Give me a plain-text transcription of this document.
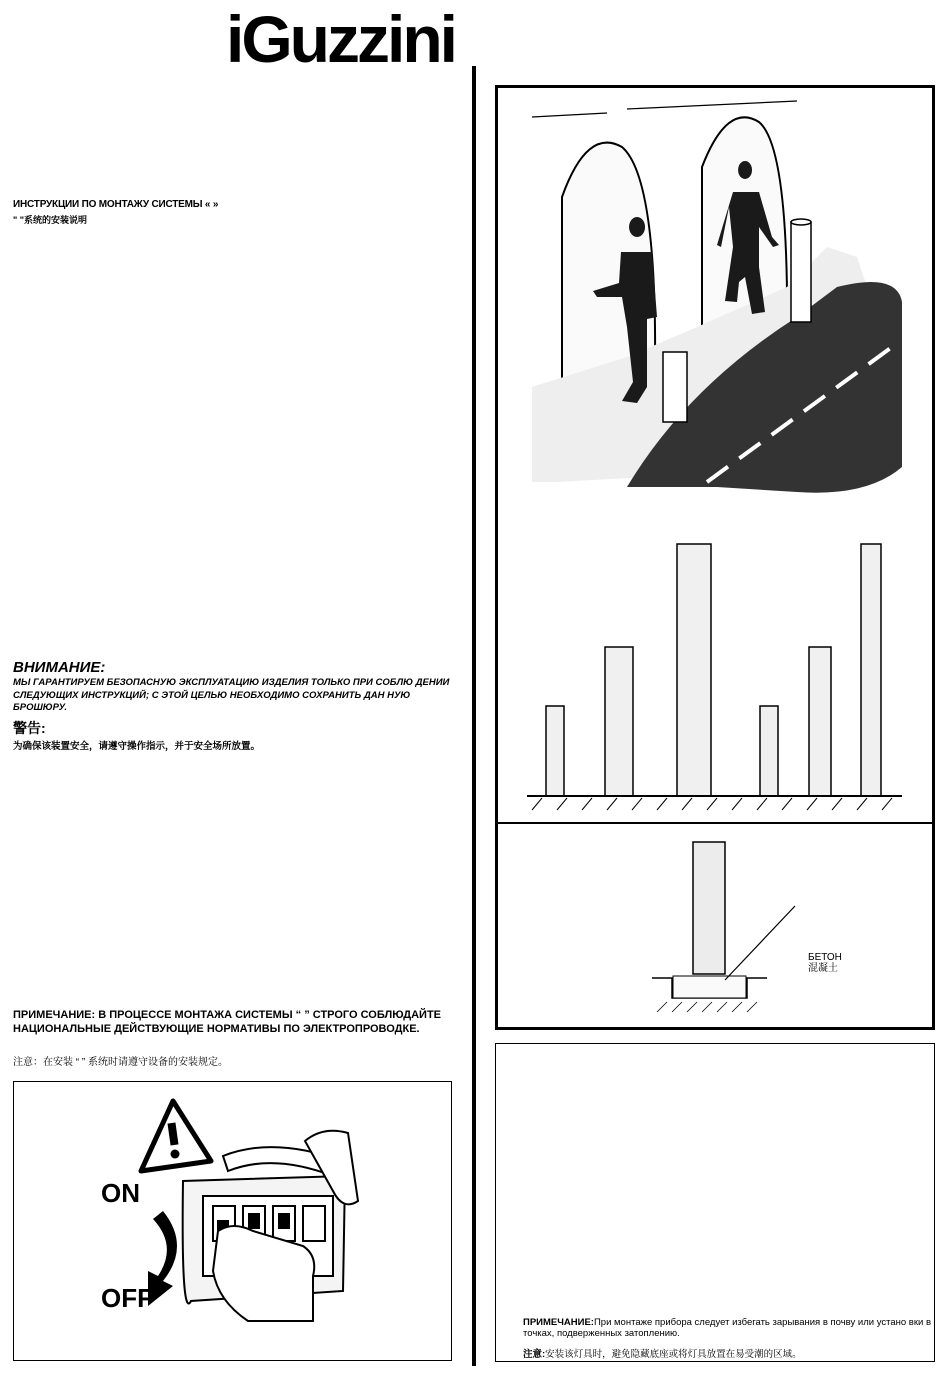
iGuzzini
ИНСТРУКЦИИ ПО МОНТАЖУ СИСТЕМЫ « »
" "系统的安装说明
ВНИМАНИЕ:
МЫ ГАРАНТИРУЕМ БЕЗОПАСНУЮ ЭКСПЛУАТАЦИЮ ИЗДЕЛИЯ ТОЛЬКО ПРИ СОБЛЮ ДЕНИИ СЛЕДУЮЩИХ ИНСТРУКЦИЙ; С ЭТОЙ ЦЕЛЬЮ НЕОБХОДИМО СОХРАНИТЬ ДАН НУЮ БРОШЮРУ.
警告:
为确保该装置安全，请遵守操作指示，并于安全场所放置。
ПРИМЕЧАНИЕ: В ПРОЦЕССЕ МОНТАЖА СИСТЕМЫ “ ” СТРОГО СОБЛЮДАЙТЕ НАЦИОНАЛЬНЫЕ ДЕЙСТВУЮЩИЕ НОРМАТИВЫ ПО ЭЛЕКТРОПРОВОДКЕ.
注意：在安装 “ ” 系统时请遵守设备的安装规定。
ON
OFF
БЕТОН
混凝土
ПРИМЕЧАНИЕ:При монтаже прибора следует избегать зарывания в почву или устано вки в точках, подверженных затоплению.
注意:安装该灯具时，避免隐藏底座或将灯具放置在易受潮的区域。
